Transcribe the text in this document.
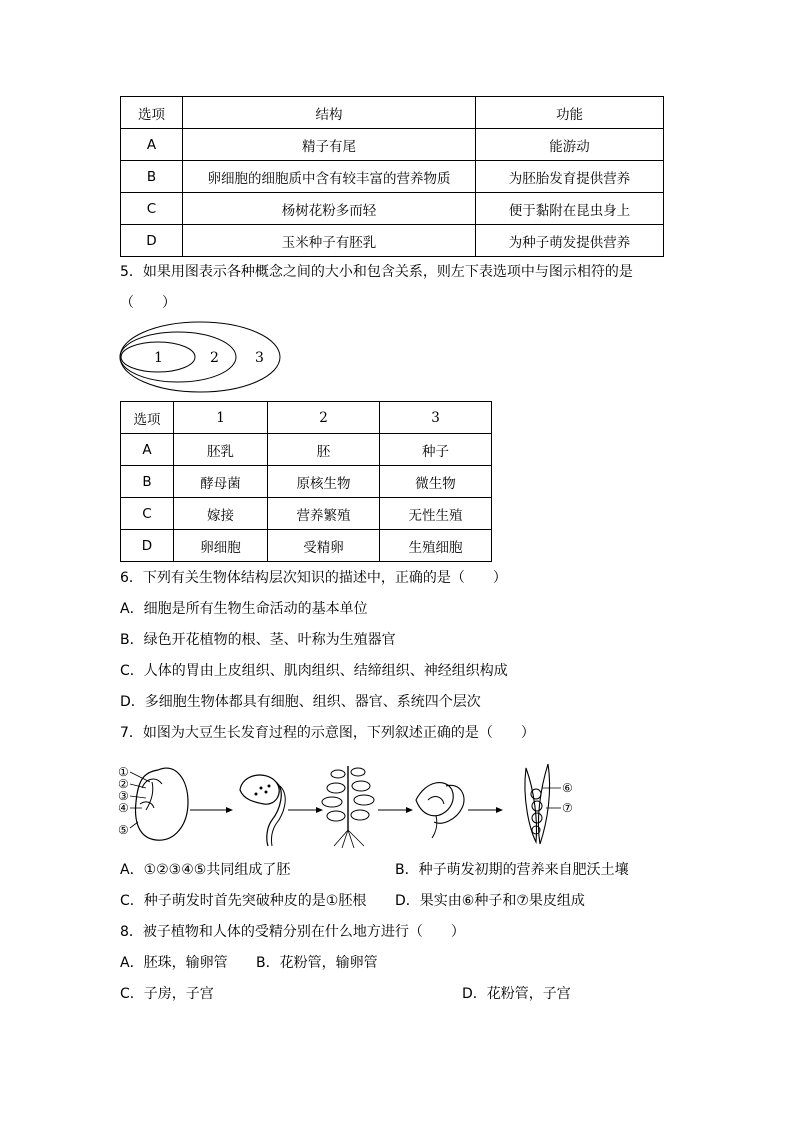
选项	结构	功能
A	精子有尾	能游动
B	卵细胞的细胞质中含有较丰富的营养物质	为胚胎发育提供营养
C	杨树花粉多而轻	便于黏附在昆虫身上
D	玉米种子有胚乳	为种子萌发提供营养
5．如果用图表示各种概念之间的大小和包含关系，则左下表选项中与图示相符的是
（　　）
1	2	3
选项	1	2	3
A	胚乳	胚	种子
B	酵母菌	原核生物	微生物
C	嫁接	营养繁殖	无性生殖
D	卵细胞	受精卵	生殖细胞
6．下列有关生物体结构层次知识的描述中，正确的是（　　）
A．细胞是所有生物生命活动的基本单位
B．绿色开花植物的根、茎、叶称为生殖器官
C．人体的胃由上皮组织、肌肉组织、结缔组织、神经组织构成
D．多细胞生物体都具有细胞、组织、器官、系统四个层次
7．如图为大豆生长发育过程的示意图，下列叙述正确的是（　　）
①
②
③
④
⑤
⑥
⑦
A．①②③④⑤共同组成了胚	B．种子萌发初期的营养来自肥沃土壤
C．种子萌发时首先突破种皮的是①胚根 D．果实由⑥种子和⑦果皮组成
8．被子植物和人体的受精分别在什么地方进行（　　）
A．胚珠，输卵管 B．花粉管，输卵管
C．子房，子宫	D．花粉管，子宫
